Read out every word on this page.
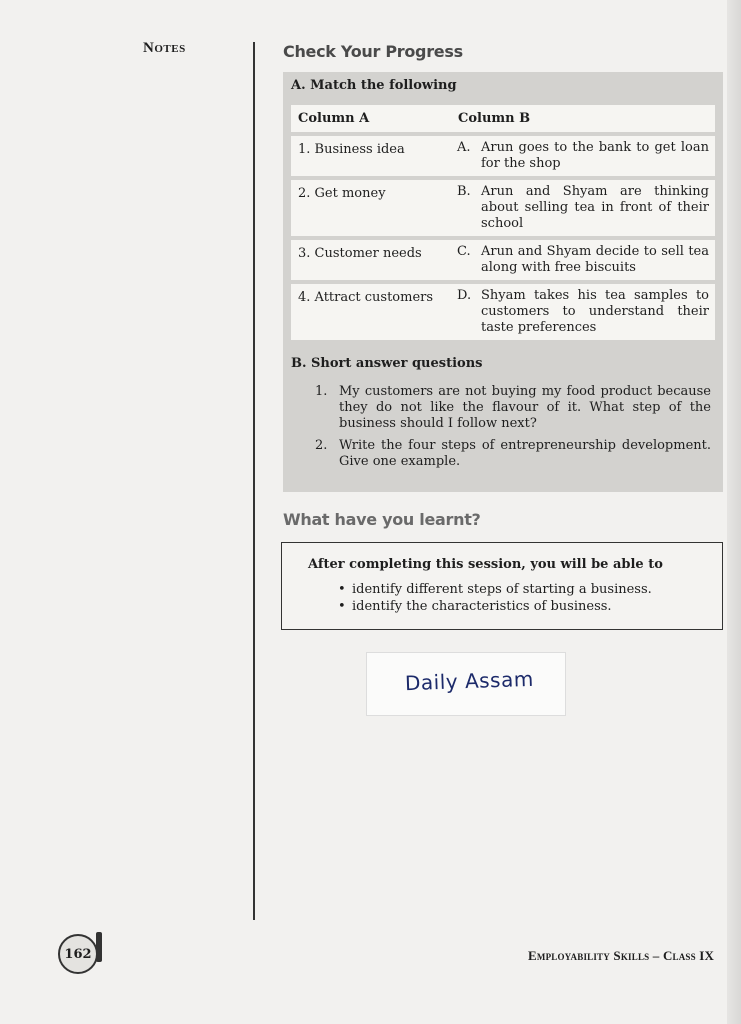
Notes	Check Your Progress
A. Match the following
Column A	Column B
1. Business idea	A. Arun goes to the bank to get loan for the shop
2. Get money	B. Arun and Shyam are thinking about selling tea in front of their school
3. Customer needs	C. Arun and Shyam decide to sell tea along with free biscuits
4. Attract customers	D. Shyam takes his tea samples to customers to understand their taste preferences
B. Short answer questions
1. My customers are not buying my food product because they do not like the flavour of it. What step of the business should I follow next?
2. Write the four steps of entrepreneurship development. Give one example.
What have you learnt?
After completing this session, you will be able to
• identify different steps of starting a business.
• identify the characteristics of business.
Daily Assam
162	Employability Skills – Class IX
